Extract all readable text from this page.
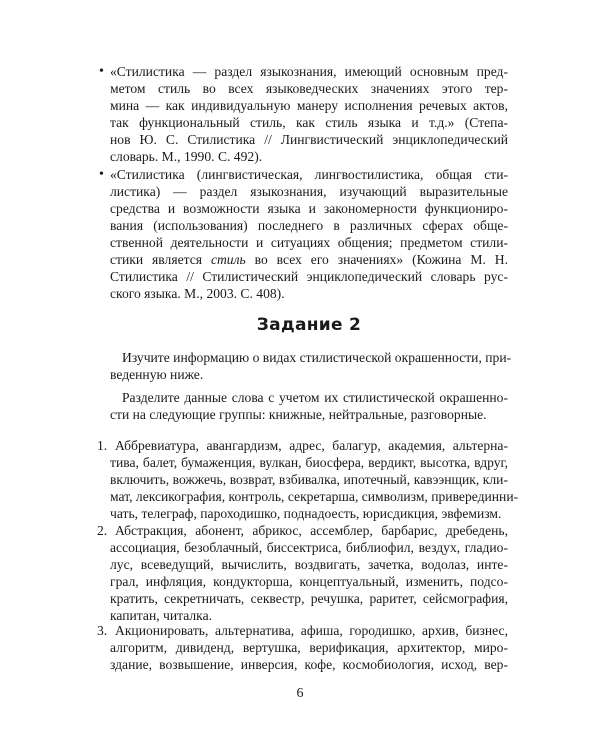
• «Стилистика — раздел языкознания, имеющий основным пред-
метом стиль во всех языковедческих значениях этого тер-
мина — как индивидуальную манеру исполнения речевых актов,
так функциональный стиль, как стиль языка и т.д.» (Степа-
нов Ю. С. Стилистика // Лингвистический энциклопедический
словарь. М., 1990. С. 492).
• «Стилистика (лингвистическая, лингвостилистика, общая сти-
листика) — раздел языкознания, изучающий выразительные
средства и возможности языка и закономерности функциониро-
вания (использования) последнего в различных сферах обще-
ственной деятельности и ситуациях общения; предметом стили-
стики является стиль во всех его значениях» (Кожина М. Н.
Стилистика // Стилистический энциклопедический словарь рус-
ского языка. М., 2003. С. 408).
Задание 2
Изучите информацию о видах стилистической окрашенности, при-
веденную ниже.
Разделите данные слова с учетом их стилистической окрашенно-
сти на следующие группы: книжные, нейтральные, разговорные.
1. Аббревиатура, авангардизм, адрес, балагур, академия, альтерна-
тива, балет, бумаженция, вулкан, биосфера, вердикт, высотка, вдруг,
включить, вожжечь, возврат, взбивалка, ипотечный, кавээнщик, кли-
мат, лексикография, контроль, секретарша, символизм, приверединни-
чать, телеграф, пароходишко, поднадоесть, юрисдикция, эвфемизм.
2. Абстракция, абонент, абрикос, ассемблер, барбарис, дребедень,
ассоциация, безоблачный, биссектриса, библиофил, вездух, гладио-
лус, всеведущий, вычислить, воздвигать, зачетка, водолаз, инте-
грал, инфляция, кондукторша, концептуальный, изменить, подсо-
кратить, секретничать, секвестр, речушка, раритет, сейсмография,
капитан, читалка.
3. Акционировать, альтернатива, афиша, городишко, архив, бизнес,
алгоритм, дивиденд, вертушка, верификация, архитектор, миро-
здание, возвышение, инверсия, кофе, космобиология, исход, вер-
6
